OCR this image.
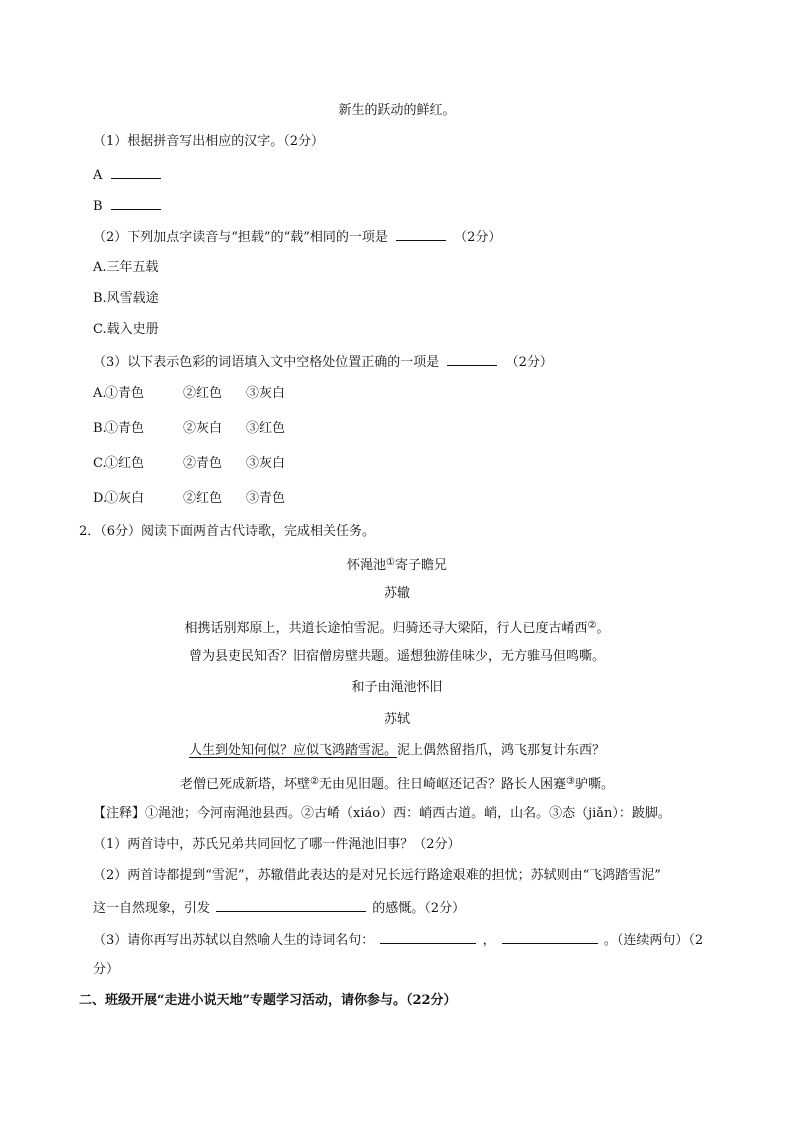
新生的跃动的鲜红。
（1）根据拼音写出相应的汉字。（2分）
A
B
（2）下列加点字读音与“担载”的“载”相同的一项是	（2分）
A.三年五载
B.风雪载途
C.载入史册
（3）以下表示色彩的词语填入文中空格处位置正确的一项是	（2分）
A.
①青色	②红色 ③灰白
B.
①青色	②灰白 ③红色
C.
①红色	②青色 ③灰白
D.
①灰白	②红色 ③青色
2．（6分）阅读下面两首古代诗歌，完成相关任务。
怀渑池①寄子瞻兄
苏辙
相携话别郑原上，共道长途怕雪泥。归骑还寻大梁陌，行人已度古崤西②。
曾为县吏民知否？旧宿僧房壁共题。遥想独游佳味少，无方骓马但鸣嘶。
和子由渑池怀旧
苏轼
人生到处知何似？应似飞鸿踏雪泥。泥上偶然留指爪，鸿飞那复计东西？
老僧已死成新塔，坏壁②无由见旧题。往日崎岖还记否？路长人困蹇③驴嘶。
【注释】①渑池；今河南渑池县西。②古崤（xiáo）西：峭西古道。峭，山名。③态（jiǎn）：跛脚。
（1）两首诗中，苏氏兄弟共同回忆了哪一件渑池旧事？（2分）
（2）两首诗都提到“雪泥”，苏辙借此表达的是对兄长远行路途艰难的担忧；苏轼则由“飞鸿踏雪泥”
这一自然现象，引发	的感慨。（2分）
（3）请你再写出苏轼以自然喻人生的诗词名句：	，	。（连续两句）（2
分）
二、班级开展“走进小说天地”专题学习活动，请你参与。（22分）
